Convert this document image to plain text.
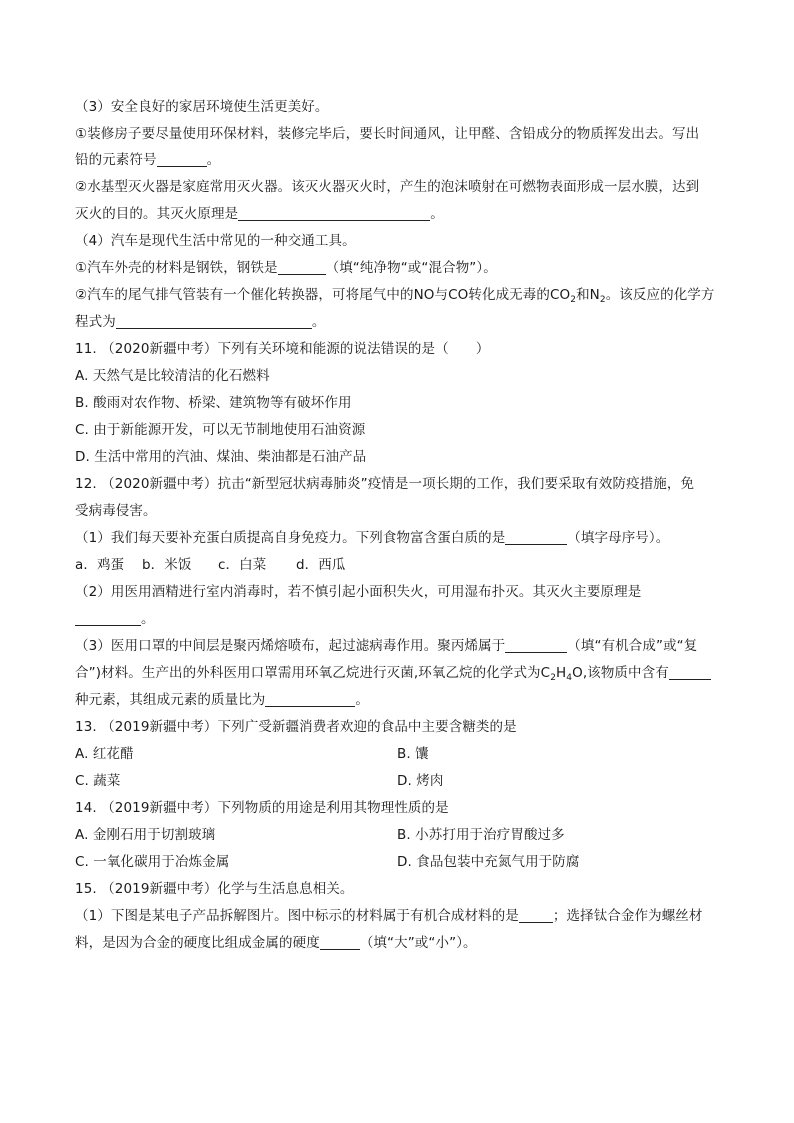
（3）安全良好的家居环境使生活更美好。
①装修房子要尽量使用环保材料，装修完毕后，要长时间通风，让甲醛、含铅成分的物质挥发出去。写出
铅的元素符号	。
②水基型灭火器是家庭常用灭火器。该灭火器灭火时，产生的泡沫喷射在可燃物表面形成一层水膜，达到
灭火的目的。其灭火原理是	。
（4）汽车是现代生活中常见的一种交通工具。
①汽车外壳的材料是钢铁，钢铁是	（填“纯净物“或“混合物”）。
②汽车的尾气排气管装有一个催化转换器，可将尾气中的NO与CO转化成无毒的$CO_2$和$N_2$。该反应的化学方
程式为	。
11. （2020新疆中考）下列有关环境和能源的说法错误的是（　　）
A. 天然气是比较清洁的化石燃料
B. 酸雨对农作物、桥梁、建筑物等有破坏作用
C. 由于新能源开发，可以无节制地使用石油资源
D. 生活中常用的汽油、煤油、柴油都是石油产品
12. （2020新疆中考）抗击“新型冠状病毒肺炎”疫情是一项长期的工作，我们要采取有效防疫措施，免
受病毒侵害。
（1）我们每天要补充蛋白质提高自身免疫力。下列食物富含蛋白质的是	（填字母序号）。
a．鸡蛋 b．米饭 c．白菜 d．西瓜
（2）用医用酒精进行室内消毒时，若不慎引起小面积失火，可用湿布扑灭。其灭火主要原理是
。
（3）医用口罩的中间层是聚丙烯熔喷布，起过滤病毒作用。聚丙烯属于	（填“有机合成”或“复
合”)材料。生产出的外科医用口罩需用环氧乙烷进行灭菌,环氧乙烷的化学式为$C_2H_4O$,该物质中含有
种元素，其组成元素的质量比为	。
13. （2019新疆中考）下列广受新疆消费者欢迎的食品中主要含糖类的是
A. 红花醋	B. 馕
C. 蔬菜	D. 烤肉
14. （2019新疆中考）下列物质的用途是利用其物理性质的是
A. 金刚石用于切割玻璃	B. 小苏打用于治疗胃酸过多
C. 一氧化碳用于冶炼金属	D. 食品包装中充氮气用于防腐
15. （2019新疆中考）化学与生活息息相关。
（1）下图是某电子产品拆解图片。图中标示的材料属于有机合成材料的是	；选择钛合金作为螺丝材
料，是因为合金的硬度比组成金属的硬度	（填“大”或“小”）。
